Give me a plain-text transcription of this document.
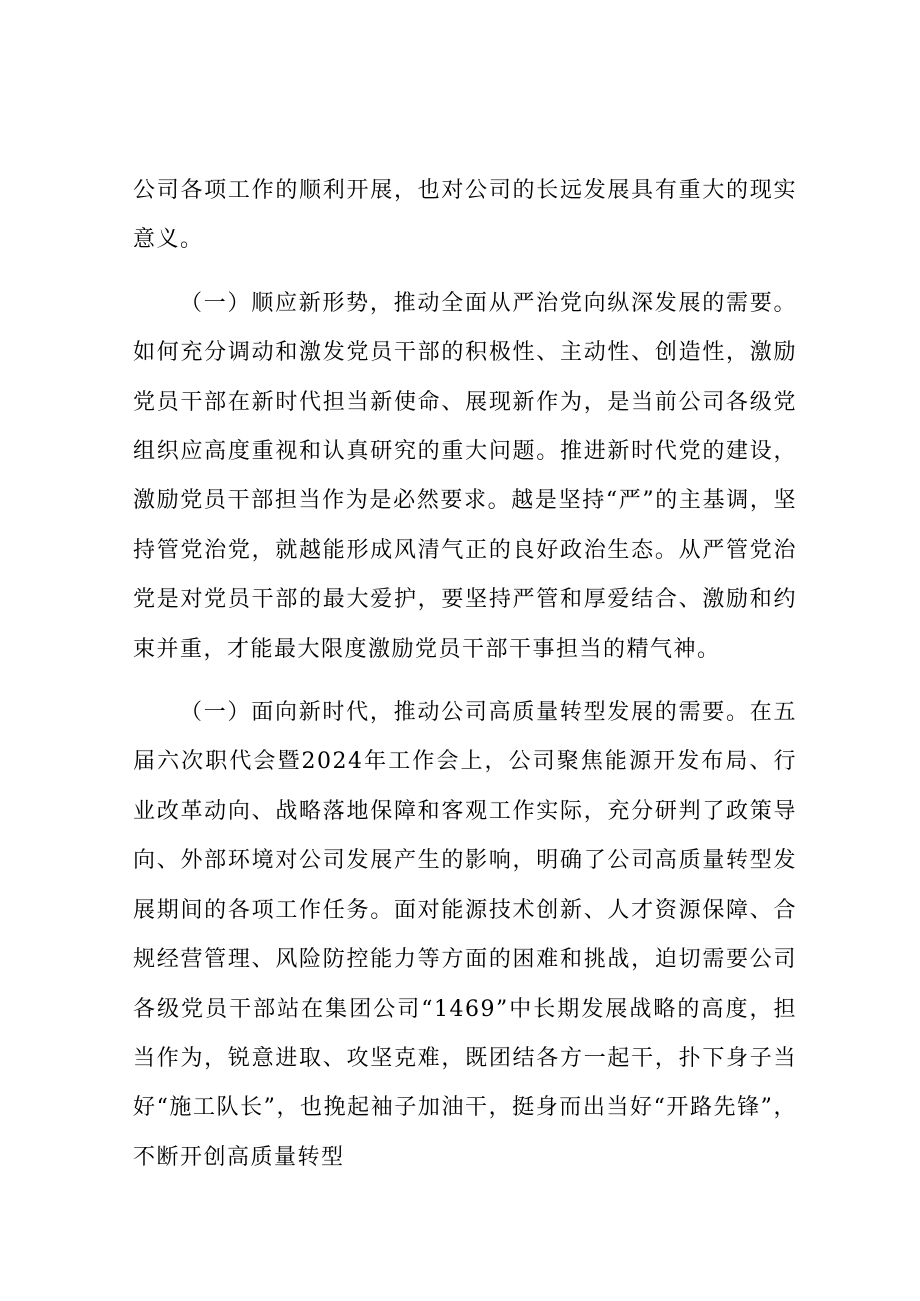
公司各项工作的顺利开展，也对公司的长远发展具有重大的现实意义。

（一）顺应新形势，推动全面从严治党向纵深发展的需要。如何充分调动和激发党员干部的积极性、主动性、创造性，激励党员干部在新时代担当新使命、展现新作为，是当前公司各级党组织应高度重视和认真研究的重大问题。推进新时代党的建设，激励党员干部担当作为是必然要求。越是坚持“严”的主基调，坚持管党治党，就越能形成风清气正的良好政治生态。从严管党治党是对党员干部的最大爱护，要坚持严管和厚爱结合、激励和约束并重，才能最大限度激励党员干部干事担当的精气神。

（一）面向新时代，推动公司高质量转型发展的需要。在五届六次职代会暨2024年工作会上，公司聚焦能源开发布局、行业改革动向、战略落地保障和客观工作实际，充分研判了政策导向、外部环境对公司发展产生的影响，明确了公司高质量转型发展期间的各项工作任务。面对能源技术创新、人才资源保障、合规经营管理、风险防控能力等方面的困难和挑战，迫切需要公司各级党员干部站在集团公司“1469”中长期发展战略的高度，担当作为，锐意进取、攻坚克难，既团结各方一起干，扑下身子当好“施工队长”，也挽起袖子加油干，挺身而出当好“开路先锋”，不断开创高质量转型
